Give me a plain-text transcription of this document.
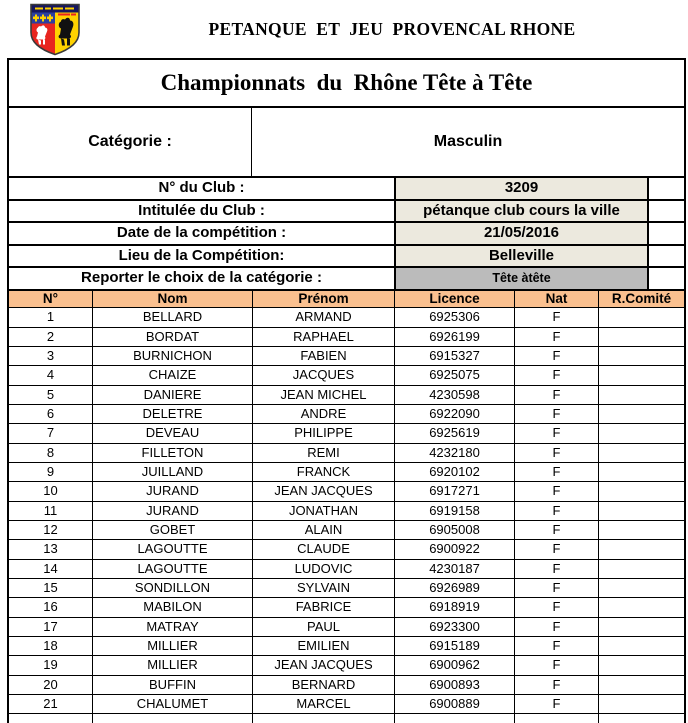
PETANQUE  ET  JEU  PROVENCAL RHONE
Championnats  du  Rhône Tête à Tête
Catégorie :	Masculin
N° du Club :	3209
Intitulée du Club :	pétanque club cours la ville
Date de la compétition :	21/05/2016
Lieu de la Compétition:	Belleville
Reporter le choix de la catégorie :	Tête àtête
N°	Nom	Prénom	Licence	Nat	R.Comité
1	BELLARD	ARMAND	6925306	F
2	BORDAT	RAPHAEL	6926199	F
3	BURNICHON	FABIEN	6915327	F
4	CHAIZE	JACQUES	6925075	F
5	DANIERE	JEAN MICHEL	4230598	F
6	DELETRE	ANDRE	6922090	F
7	DEVEAU	PHILIPPE	6925619	F
8	FILLETON	REMI	4232180	F
9	JUILLAND	FRANCK	6920102	F
10	JURAND	JEAN JACQUES	6917271	F
11	JURAND	JONATHAN	6919158	F
12	GOBET	ALAIN	6905008	F
13	LAGOUTTE	CLAUDE	6900922	F
14	LAGOUTTE	LUDOVIC	4230187	F
15	SONDILLON	SYLVAIN	6926989	F
16	MABILON	FABRICE	6918919	F
17	MATRAY	PAUL	6923300	F
18	MILLIER	EMILIEN	6915189	F
19	MILLIER	JEAN JACQUES	6900962	F
20	BUFFIN	BERNARD	6900893	F
21	CHALUMET	MARCEL	6900889	F
